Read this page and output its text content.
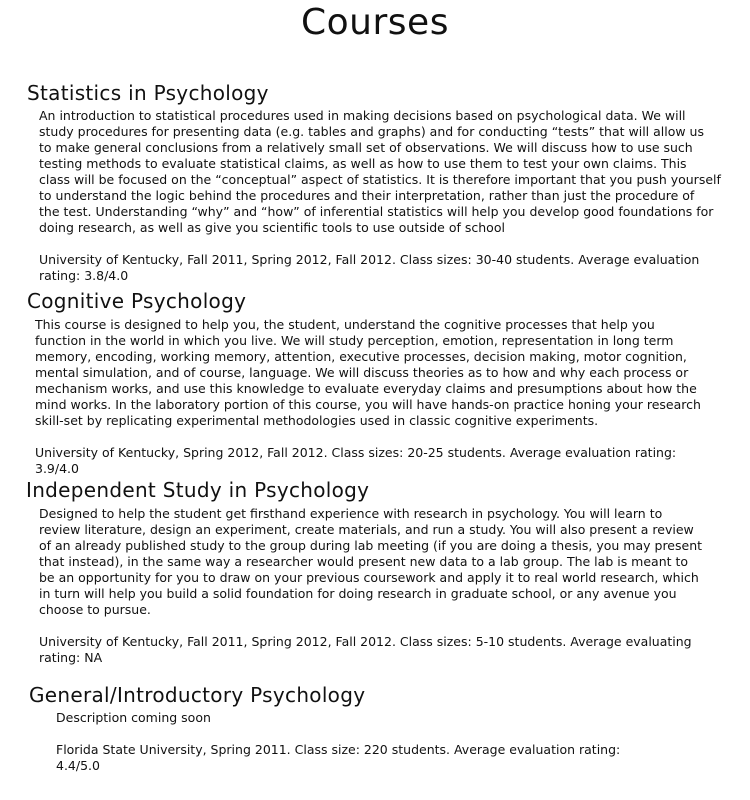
Courses
Statistics in Psychology

An introduction to statistical procedures used in making decisions based on psychological data. We will
study procedures for presenting data (e.g. tables and graphs) and for conducting “tests” that will allow us
to make general conclusions from a relatively small set of observations. We will discuss how to use such
testing methods to evaluate statistical claims, as well as how to use them to test your own claims. This
class will be focused on the “conceptual” aspect of statistics. It is therefore important that you push yourself
to understand the logic behind the procedures and their interpretation, rather than just the procedure of
the test. Understanding “why” and “how” of inferential statistics will help you develop good foundations for
doing research, as well as give you scientific tools to use outside of school

University of Kentucky, Fall 2011, Spring 2012, Fall 2012. Class sizes: 30-40 students. Average evaluation
rating: 3.8/4.0

Cognitive Psychology

This course is designed to help you, the student, understand the cognitive processes that help you
function in the world in which you live. We will study perception, emotion, representation in long term
memory, encoding, working memory, attention, executive processes, decision making, motor cognition,
mental simulation, and of course, language. We will discuss theories as to how and why each process or
mechanism works, and use this knowledge to evaluate everyday claims and presumptions about how the
mind works. In the laboratory portion of this course, you will have hands-on practice honing your research
skill-set by replicating experimental methodologies used in classic cognitive experiments.

University of Kentucky, Spring 2012, Fall 2012. Class sizes: 20-25 students. Average evaluation rating:
3.9/4.0

Independent Study in Psychology

Designed to help the student get firsthand experience with research in psychology. You will learn to
review literature, design an experiment, create materials, and run a study. You will also present a review
of an already published study to the group during lab meeting (if you are doing a thesis, you may present
that instead), in the same way a researcher would present new data to a lab group. The lab is meant to
be an opportunity for you to draw on your previous coursework and apply it to real world research, which
in turn will help you build a solid foundation for doing research in graduate school, or any avenue you
choose to pursue.

University of Kentucky, Fall 2011, Spring 2012, Fall 2012. Class sizes: 5-10 students. Average evaluating
rating: NA

General/Introductory Psychology

Description coming soon

Florida State University, Spring 2011. Class size: 220 students. Average evaluation rating:
4.4/5.0
